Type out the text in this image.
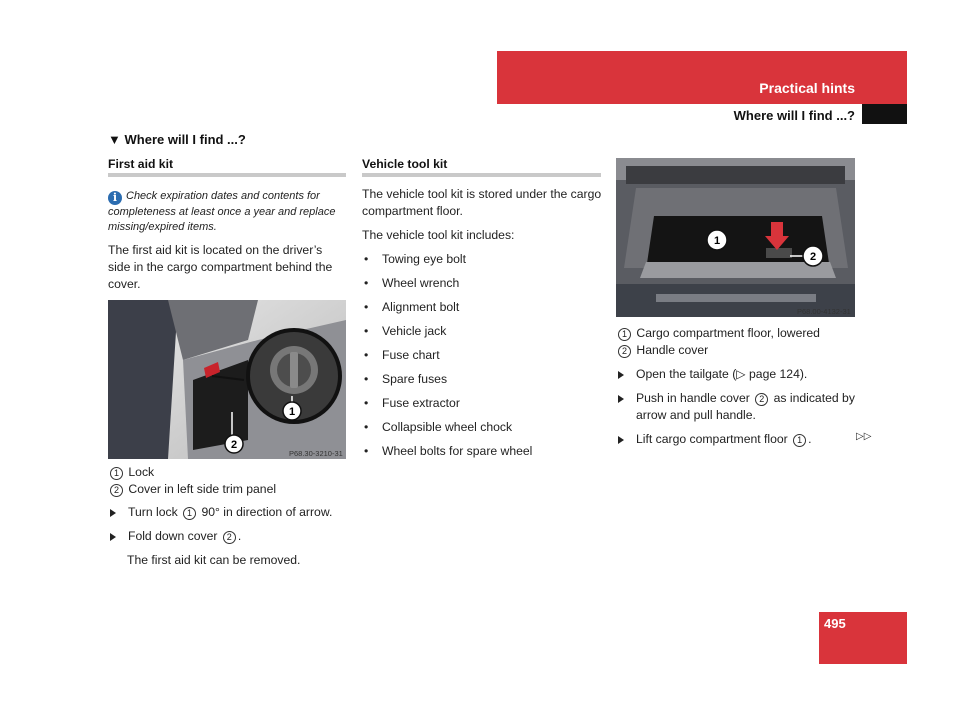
Practical hints
Where will I find ...?
▼ Where will I find ...?
First aid kit

i Check expiration dates and contents for completeness at least once a year and replace missing/expired items.

The first aid kit is located on the driver’s side in the cargo compartment behind the cover.

1
2
P68.30-3210-31

1 Lock

2 Cover in left side trim panel

Turn lock 1 90° in direction of arrow.
Fold down cover 2 .

The first aid kit can be removed.

Vehicle tool kit

The vehicle tool kit is stored under the cargo compartment floor.

The vehicle tool kit includes:

• Towing eye bolt
• Wheel wrench
• Alignment bolt
• Vehicle jack
• Fuse chart
• Spare fuses
• Fuse extractor
• Collapsible wheel chock
• Wheel bolts for spare wheel
1
2
P68.00-4132-31

1 Cargo compartment floor, lowered

2 Handle cover

Open the tailgate (▷ page 124).
Push in handle cover 2 as indicated by arrow and pull handle.
Lift cargo compartment floor 1 .	▷▷
495
